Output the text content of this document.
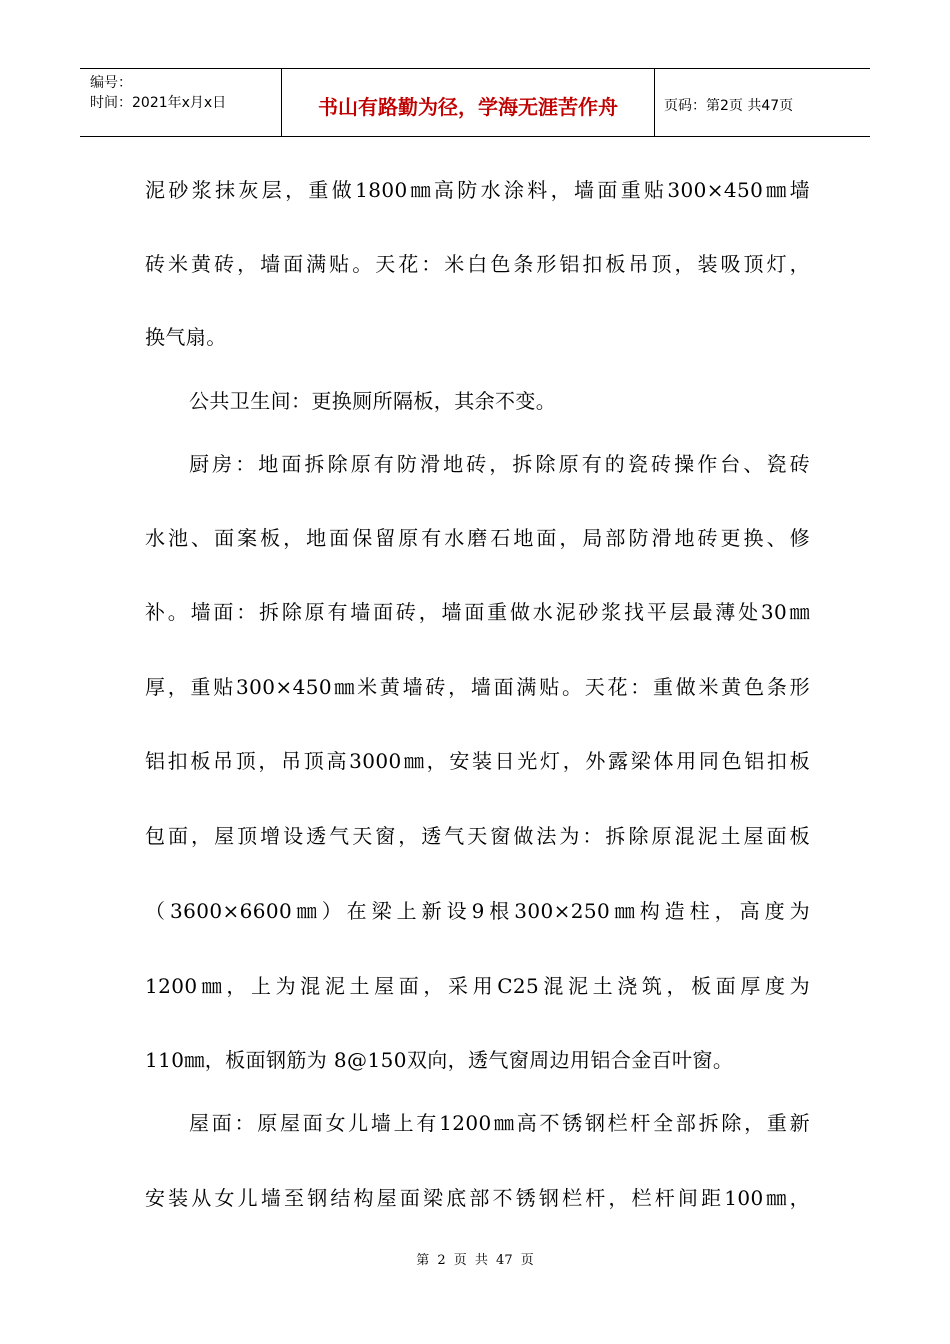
编号：
时间：2021年x月x日	书山有路勤为径，学海无涯苦作舟	页码：第2页 共47页
泥砂浆抹灰层，重做1800㎜高防水涂料，墙面重贴300×450㎜墙
砖米黄砖，墙面满贴。天花：米白色条形铝扣板吊顶，装吸顶灯，
换气扇。
公共卫生间：更换厕所隔板，其余不变。
厨房：地面拆除原有防滑地砖，拆除原有的瓷砖操作台、瓷砖
水池、面案板，地面保留原有水磨石地面，局部防滑地砖更换、修
补。墙面：拆除原有墙面砖，墙面重做水泥砂浆找平层最薄处30㎜
厚，重贴300×450㎜米黄墙砖，墙面满贴。天花：重做米黄色条形
铝扣板吊顶，吊顶高3000㎜，安装日光灯，外露梁体用同色铝扣板
包面，屋顶增设透气天窗，透气天窗做法为：拆除原混泥土屋面板
（3600×6600㎜）在梁上新设9根300×250㎜构造柱，高度为
1200㎜，上为混泥土屋面，采用C25混泥土浇筑，板面厚度为
110㎜，板面钢筋为 8@150双向，透气窗周边用铝合金百叶窗。
屋面：原屋面女儿墙上有1200㎜高不锈钢栏杆全部拆除，重新
安装从女儿墙至钢结构屋面梁底部不锈钢栏杆，栏杆间距100㎜，
第 2 页 共 47 页
